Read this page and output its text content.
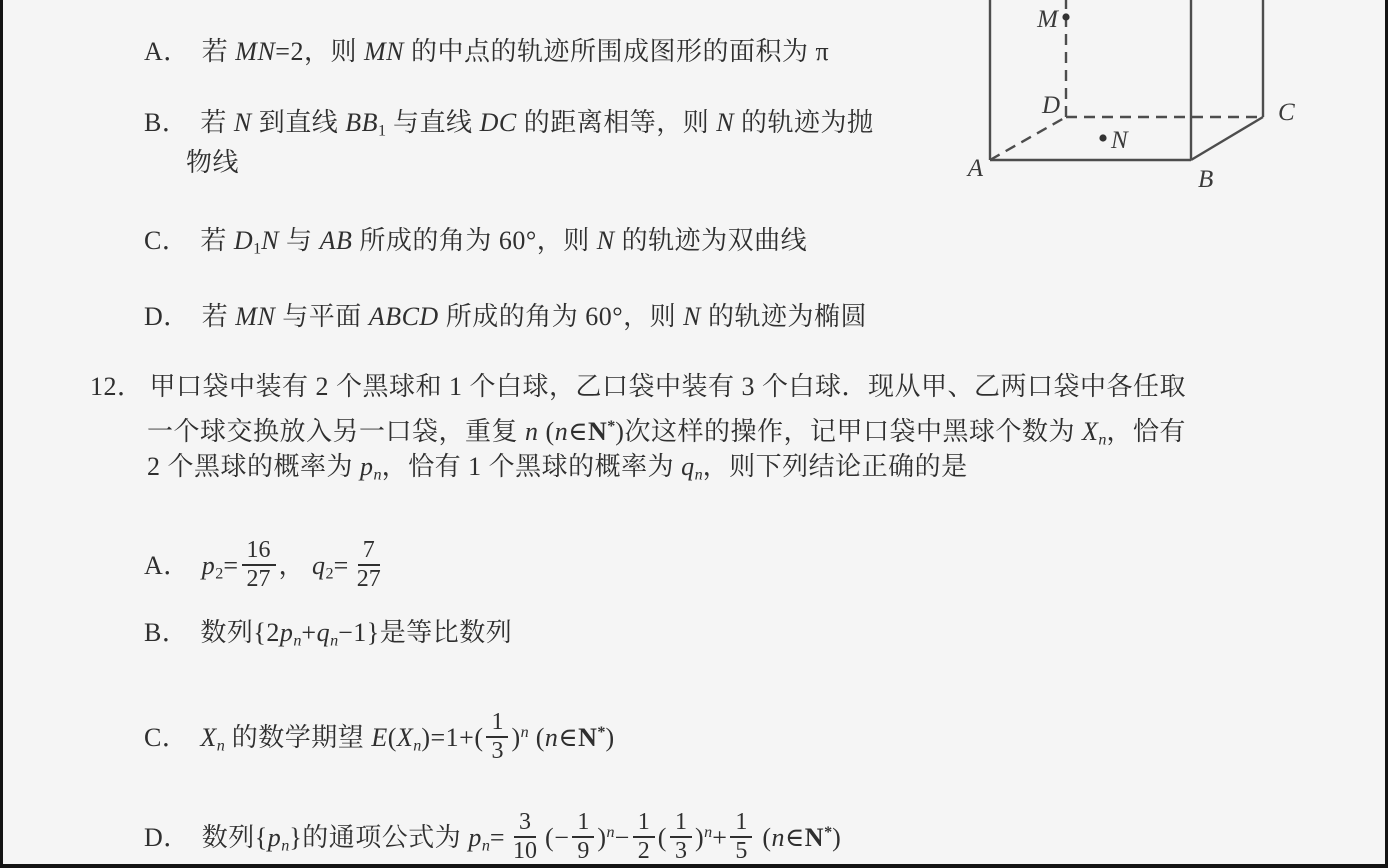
M
D
N
A	B
C
A． 若 MN=2，则 MN 的中点的轨迹所围成图形的面积为 π
B． 若 N 到直线 BB1 与直线 DC 的距离相等，则 N 的轨迹为抛
物线
C． 若 D1N 与 AB 所成的角为 60°，则 N 的轨迹为双曲线
D． 若 MN 与平面 ABCD 所成的角为 60°，则 N 的轨迹为椭圆
12． 甲口袋中装有 2 个黑球和 1 个白球，乙口袋中装有 3 个白球．现从甲、乙两口袋中各任取
一个球交换放入另一口袋，重复 n (n∈N*)次这样的操作，记甲口袋中黑球个数为 Xn，恰有
2 个黑球的概率为 pn，恰有 1 个黑球的概率为 qn，则下列结论正确的是
A． $p2= \frac{16}{27}$ ， $q2= \frac{7}{27}$
B． 数列{2pn+qn−1}是等比数列
C． Xn 的数学期望 $E(Xn)=1+( \frac{1}{3} )^n$ (n∈N*)
D． 数列{pn}的通项公式为 $pn= \frac{3}{10}$ (− $\frac{1}{9} )^n- \frac{1}{2}$ ( $\frac{1}{3} )^n+ \frac{1}{5}$ (n∈N*)
